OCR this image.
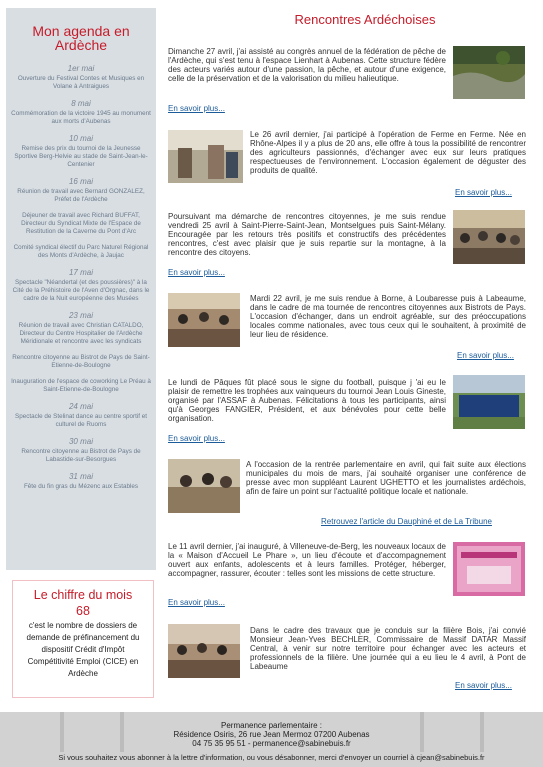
Mon agenda en Ardèche
1er mai
Ouverture du Festival Contes et Musiques en Volane à Antraigues
8 mai
Commémoration de la victoire 1945 au monument aux morts d'Aubenas
10 mai
Remise des prix du tournoi de la Jeunesse Sportive Berg-Helvie au stade de Saint-Jean-le-Centenier
16 mai
Réunion de travail avec Bernard GONZALEZ, Préfet de l'Ardèche
Déjeuner de travail avec Richard BUFFAT, Directeur du Syndicat Mixte de l'Espace de Restitution de la Caverne du Pont d'Arc
Comité syndical électif du Parc Naturel Régional des Monts d'Ardèche, à Jaujac
17 mai
Spectacle "Néandertal (et des poussières)" à la Cité de la Préhistoire de l'Aven d'Orgnac, dans le cadre de la Nuit européenne des Musées
23 mai
Réunion de travail avec Christian CATALDO, Directeur du Centre Hospitalier de l'Ardèche Méridionale et rencontre avec les syndicats
Rencontre citoyenne au Bistrot de Pays de Saint-Etienne-de-Boulogne
Inauguration de l'espace de coworking Le Préau à Saint-Etienne-de-Boulogne
24 mai
Spectacle de Stelinat dance au centre sportif et culturel de Ruoms
30 mai
Rencontre citoyenne au Bistrot de Pays de Labastide-sur-Besorgues
31 mai
Fête du fin gras du Mézenc aux Estables
Le chiffre du mois
68
c'est le nombre de dossiers de demande de préfinancement du dispositif Crédit d'Impôt Compétitivité Emploi (CICE) en Ardèche
Rencontres Ardéchoises

Dimanche 27 avril, j'ai assisté au congrès annuel de la fédération de pêche de l'Ardèche, qui s'est tenu à l'espace Lienhart à Aubenas. Cette structure fédère des acteurs variés autour d'une passion, la pêche, et autour d'une exigence, celle de la préservation et de la valorisation du milieu halieutique.

En savoir plus...

Le 26 avril dernier, j'ai participé à l'opération de Ferme en Ferme. Née en Rhône-Alpes il y a plus de 20 ans, elle offre à tous la possibilité de rencontrer des agriculteurs passionnés, d'échanger avec eux sur leurs pratiques respectueuses de l'environnement. L'occasion également de déguster des produits de qualité.

En savoir plus...

Poursuivant ma démarche de rencontres citoyennes, je me suis rendue vendredi 25 avril à Saint-Pierre-Saint-Jean, Montselgues puis Saint-Mélany. Encouragée par les retours très positifs et constructifs des précédentes rencontres, c'est avec plaisir que je suis repartie sur la montagne, à la rencontre des citoyens.

En savoir plus...

Mardi 22 avril, je me suis rendue à Borne, à Loubaresse puis à Labeaume, dans le cadre de ma tournée de rencontres citoyennes aux Bistrots de Pays. L'occasion d'échanger, dans un endroit agréable, sur des préoccupations locales comme nationales, avec tous ceux qui le souhaitent, à proximité de leur lieu de résidence.

En savoir plus...

Le lundi de Pâques fût placé sous le signe du football, puisque j 'ai eu le plaisir de remettre les trophées aux vainqueurs du tournoi Jean Louis Gineste, organisé par l'ASSAF à Aubenas. Félicitations à tous les participants, ainsi qu'à Georges FANGIER, Président, et aux bénévoles pour cette belle organisation.

En savoir plus...

A l'occasion de la rentrée parlementaire en avril, qui fait suite aux élections municipales du mois de mars, j'ai souhaité organiser une conférence de presse avec mon suppléant Laurent UGHETTO et les journalistes ardéchois, afin de faire un point sur l'actualité politique locale et nationale.

Retrouvez l'article du Dauphiné et de La Tribune

Le 11 avril dernier, j'ai inauguré, à Villeneuve-de-Berg, les nouveaux locaux de la « Maison d'Accueil Le Phare », un lieu d'écoute et d'accompagnement ouvert aux enfants, adolescents et à leurs familles. Protéger, héberger, accompagner, rassurer, écouter : telles sont les missions de cette structure.

En savoir plus...

Dans le cadre des travaux que je conduis sur la filière Bois, j'ai convié Monsieur Jean-Yves BECHLER, Commissaire de Massif DATAR Massif Central, à venir sur notre territoire pour échanger avec les acteurs et professionnels de la filière. Une journée qui a eu lieu le 4 avril, à Pont de Labeaume

En savoir plus...
Permanence parlementaire :
Résidence Osiris, 26 rue Jean Mermoz 07200 Aubenas
04 75 35 95 51 - permanence@sabinebuis.fr
Si vous souhaitez vous abonner à la lettre d'information, ou vous désabonner, merci d'envoyer un courriel à cjean@sabinebuis.fr
